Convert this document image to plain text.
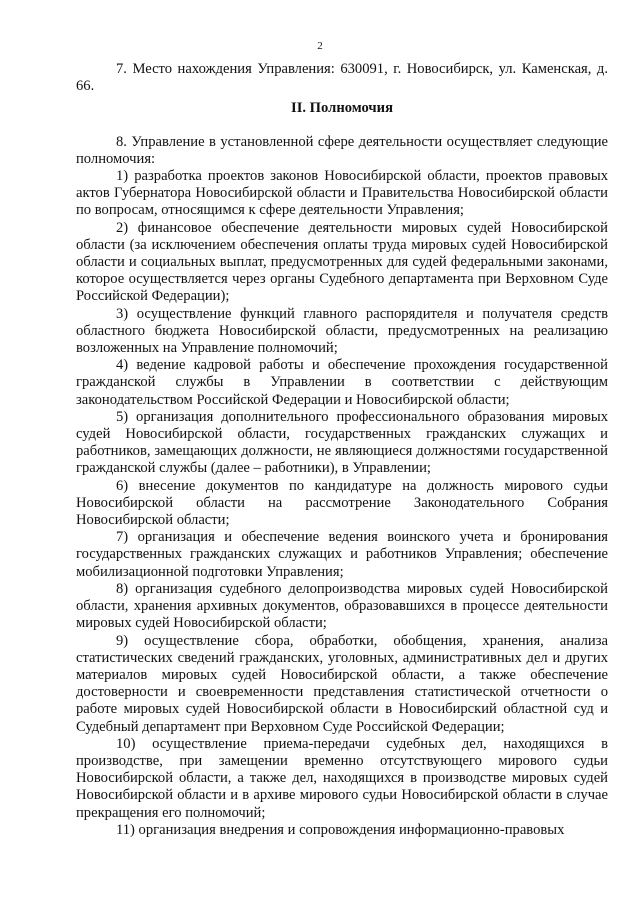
2

7. Место нахождения Управления: 630091, г. Новосибирск, ул. Каменская, д. 66.

II. Полномочия

8. Управление в установленной сфере деятельности осуществляет следующие полномочия:

1) разработка проектов законов Новосибирской области, проектов правовых актов Губернатора Новосибирской области и Правительства Новосибирской области по вопросам, относящимся к сфере деятельности Управления;

2) финансовое обеспечение деятельности мировых судей Новосибирской области (за исключением обеспечения оплаты труда мировых судей Новосибирской области и социальных выплат, предусмотренных для судей федеральными законами, которое осуществляется через органы Судебного департамента при Верховном Суде Российской Федерации);

3) осуществление функций главного распорядителя и получателя средств областного бюджета Новосибирской области, предусмотренных на реализацию возложенных на Управление полномочий;

4) ведение кадровой работы и обеспечение прохождения государственной гражданской службы в Управлении в соответствии с действующим законодательством Российской Федерации и Новосибирской области;

5) организация дополнительного профессионального образования мировых судей Новосибирской области, государственных гражданских служащих и работников, замещающих должности, не являющиеся должностями государственной гражданской службы (далее – работники), в Управлении;

6) внесение документов по кандидатуре на должность мирового судьи Новосибирской области на рассмотрение Законодательного Собрания Новосибирской области;

7) организация и обеспечение ведения воинского учета и бронирования государственных гражданских служащих и работников Управления; обеспечение мобилизационной подготовки Управления;

8) организация судебного делопроизводства мировых судей Новосибирской области, хранения архивных документов, образовавшихся в процессе деятельности мировых судей Новосибирской области;

9) осуществление сбора, обработки, обобщения, хранения, анализа статистических сведений гражданских, уголовных, административных дел и других материалов мировых судей Новосибирской области, а также обеспечение достоверности и своевременности представления статистической отчетности о работе мировых судей Новосибирской области в Новосибирский областной суд и Судебный департамент при Верховном Суде Российской Федерации;

10) осуществление приема-передачи судебных дел, находящихся в производстве, при замещении временно отсутствующего мирового судьи Новосибирской области, а также дел, находящихся в производстве мировых судей Новосибирской области и в архиве мирового судьи Новосибирской области в случае прекращения его полномочий;

11) организация внедрения и сопровождения информационно-правовых
